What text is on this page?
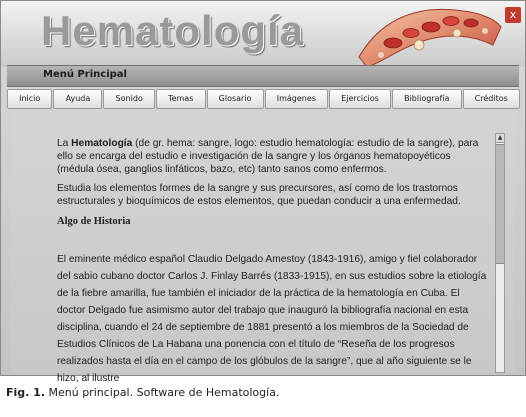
Hematología	x
Menú Principal
Inicio	Ayuda	Sonido	Temas	Glosario	Imágenes	Ejercicios	Bibliografía	Créditos

La Hematología (de gr. hema: sangre, logo: estudio hematología: estudio de la sangre), para ello se encarga del estudio e investigación de la sangre y los órganos hematopoyéticos (médula ósea, ganglios linfáticos, bazo, etc) tanto sanos como enfermos.

Estudia los elementos formes de la sangre y sus precursores, así como de los trastornos estructurales y bioquímicos de estos elementos, que puedan conducir a una enfermedad.

Algo de Historia

El eminente médico español Claudio Delgado Amestoy (1843-1916), amigo y fiel colaborador del sabio cubano doctor Carlos J. Finlay Barrés (1833-1915), en sus estudios sobre la etiología de la fiebre amarilla, fue también el iniciador de la práctica de la hematología en Cuba. El doctor Delgado fue asimismo autor del trabajo que inauguró la bibliografía nacional en esta disciplina, cuando el 24 de septiembre de 1881 presentó a los miembros de la Sociedad de Estudios Clínicos de La Habana una ponencia con el título de “Reseña de los progresos realizados hasta el día en el campo de los glóbulos de la sangre”, que al año siguiente se le hizo, al ilustre

▲
Fig. 1. Menú principal. Software de Hematología.
